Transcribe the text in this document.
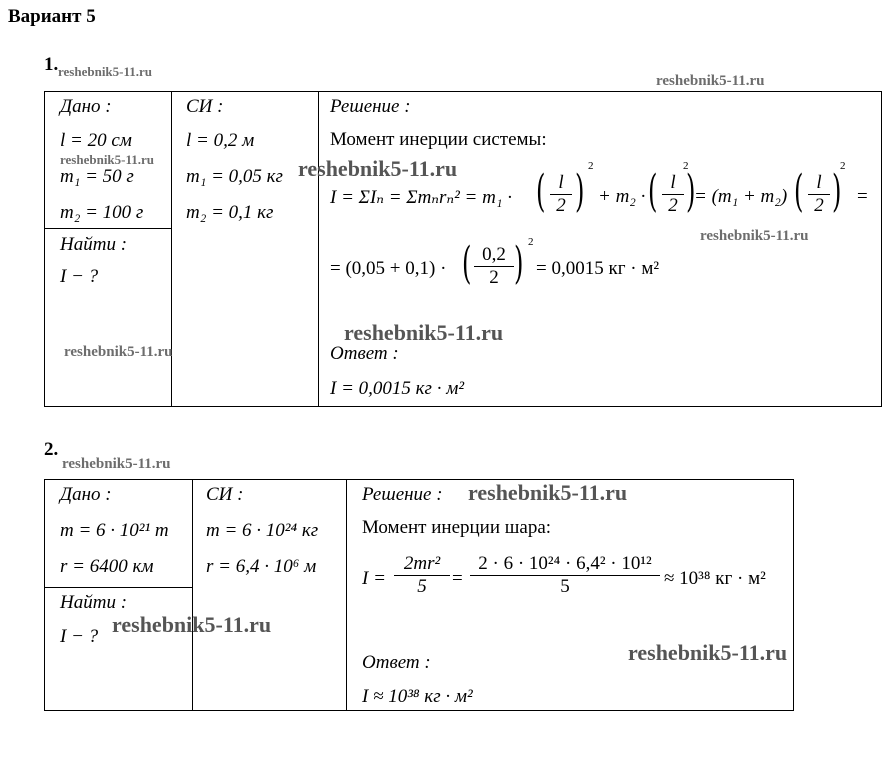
Вариант 5
1. reshebnik5-11.ru
reshebnik5-11.ru
Дано :	СИ :	Решение :
l = 20 см
reshebnik5-11.ru
m₁ = 50 г
m₂ = 100 г
l = 0,2 м
m₁ = 0,05 кг
m₂ = 0,1 кг
Найти :
I − ?
reshebnik5-11.ru
Момент инерции системы:
reshebnik5-11.ru
I = ΣIₙ = Σmₙrₙ² = m₁ · ( l
2 ) 2
+ m₂ · ( l
2 )
2
= (m₁ + m₂) ( l
2 )
2
=
reshebnik5-11.ru
= (0,05 + 0,1) · ( 0,2
2 ) 2
= 0,0015 кг · м²
reshebnik5-11.ru
Ответ :
I = 0,0015 кг · м²
2.
reshebnik5-11.ru
Дано :	СИ :	Решение : reshebnik5-11.ru
m = 6 · 10²¹ т
r = 6400 км
m = 6 · 10²⁴ кг
r = 6,4 · 10⁶ м
Найти :
I − ? reshebnik5-11.ru
Момент инерции шара:
I =
2mr²
5	=
2 · 6 · 10²⁴ · 6,4² · 10¹²
5	≈ 10³⁸ кг · м²
reshebnik5-11.ru
Ответ :
I ≈ 10³⁸ кг · м²
